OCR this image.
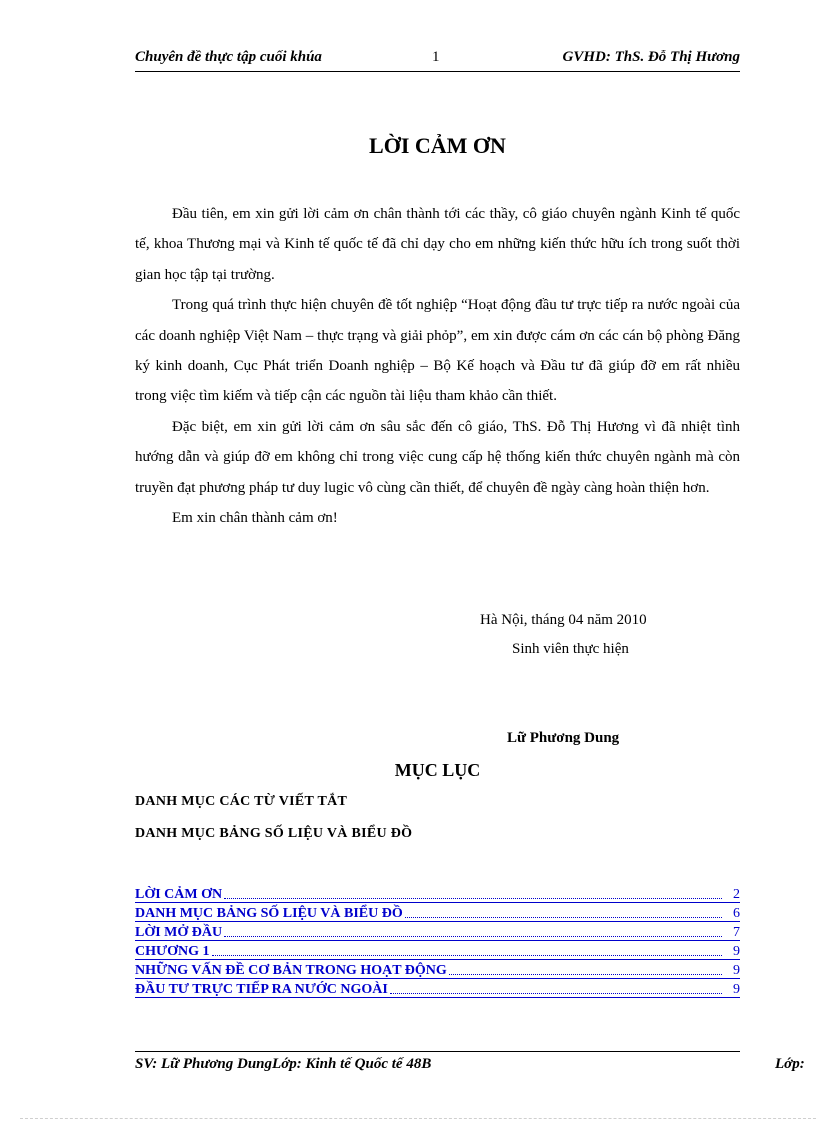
Chuyên đề thực tập cuối khúa	1	GVHD: ThS. Đỗ Thị Hương
LỜI CẢM ƠN

Đầu tiên, em xin gửi lời cảm ơn chân thành tới các thầy, cô giáo chuyên ngành Kinh tế quốc tế, khoa Thương mại và Kinh tế quốc tế đã chỉ dạy cho em những kiến thức hữu ích trong suốt thời gian học tập tại trường.

Trong quá trình thực hiện chuyên đề tốt nghiệp “Hoạt động đầu tư trực tiếp ra nước ngoài của các doanh nghiệp Việt Nam – thực trạng và giải phỏp”, em xin được cám ơn các cán bộ phòng Đăng ký kinh doanh, Cục Phát triển Doanh nghiệp – Bộ Kế hoạch và Đầu tư đã giúp đỡ em rất nhiều trong việc tìm kiếm và tiếp cận các nguồn tài liệu tham khảo cần thiết.

Đặc biệt, em xin gửi lời cảm ơn sâu sắc đến cô giáo, ThS. Đỗ Thị Hương vì đã nhiệt tình hướng dẫn và giúp đỡ em không chỉ trong việc cung cấp hệ thống kiến thức chuyên ngành mà còn truyền đạt phương pháp tư duy lugic vô cùng cần thiết, để chuyên đề ngày càng hoàn thiện hơn.

Em xin chân thành cảm ơn!

Hà Nội, tháng 04 năm 2010
Sinh viên thực hiện
Lữ Phương Dung
MỤC LỤC
DANH MỤC CÁC TỪ VIẾT TẮT
DANH MỤC BẢNG SỐ LIỆU VÀ BIỂU ĐỒ
LỜI CẢM ƠN	2
DANH MỤC BẢNG SỐ LIỆU VÀ BIỂU ĐỒ	6
LỜI MỞ ĐẦU	7
CHƯƠNG 1	9
NHỮNG VẤN ĐỀ CƠ BẢN TRONG HOẠT ĐỘNG	9
ĐẦU TƯ TRỰC TIẾP RA NƯỚC NGOÀI	9
SV: Lữ Phương DungLớp: Kinh tế Quốc tế 48B	Lớp:
